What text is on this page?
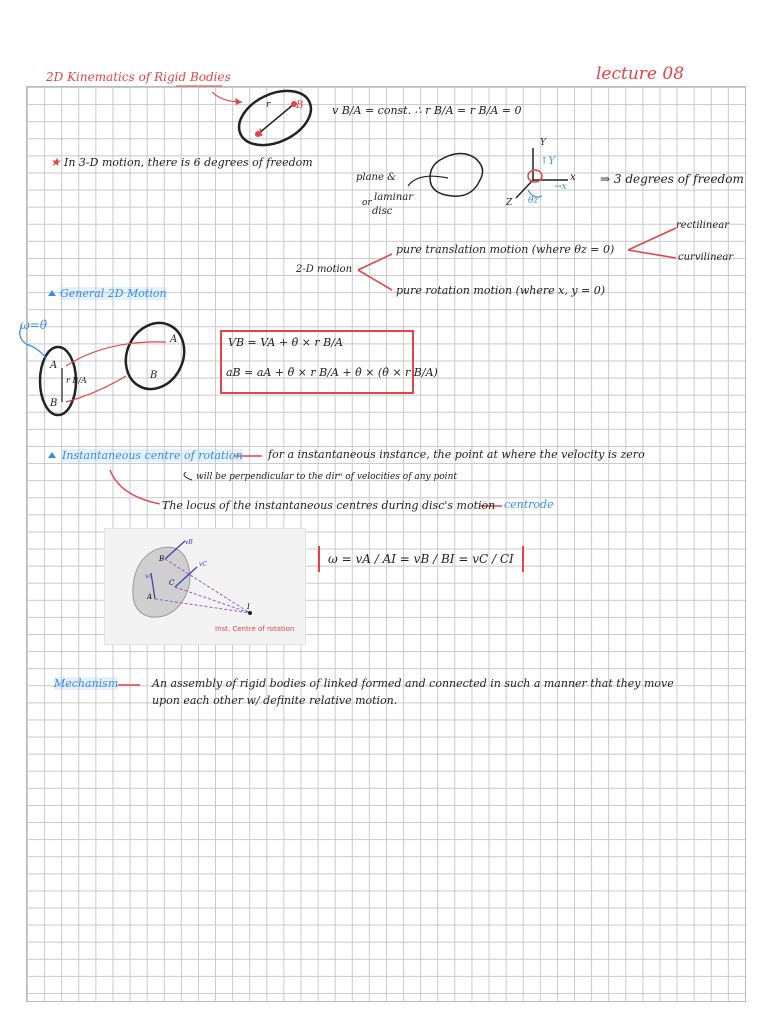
2D Kinematics of Rigid Bodies	lecture 08
r	B
A
v B/A = const. ∴ r B/A = r B/A = 0
★ In 3-D motion, there is 6 degrees of freedom
plane &
laminar
or
disc
Y
↑Y
x
→x
Z θz
⇒ 3 degrees of freedom
rectilinear
curvilinear
2-D motion
pure translation motion (where θz = 0)
pure rotation motion (where x, y = 0)
General 2D Motion
ω=θ̇
A
B
r B/A
A
B
VB = VA + θ̇ × r B/A
aB = aA + θ̈ × r B/A + θ̇ × (θ̇ × r B/A)
Instantaneous centre of rotation for a instantaneous instance, the point at where the velocity is zero
will be perpendicular to the dirⁿ of velocities of any point
The locus of the instantaneous centres during disc's motion centrode
vB
vC
vA
B
C
A
I
Inst. Centre of rotation
ω = vA / AI = vB / BI = vC / CI
Mechanism	An assembly of rigid bodies of linked formed and connected in such a manner that they move
upon each other w/ definite relative motion.
